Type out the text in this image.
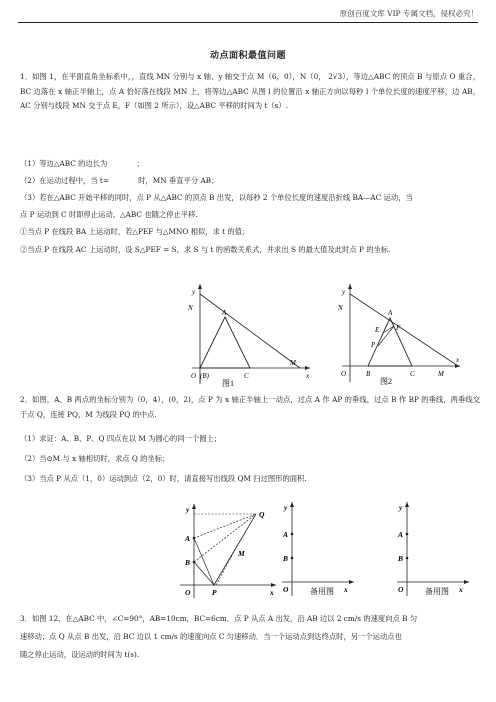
原创百度文库 VIP 专属文档，侵权必究！
动点面积最值问题
1．如图 1，在平面直角坐标系中，，直线 MN 分别与 x 轴、y 轴交于点 M（6，0），N（0， 2√3），等边△ABC 的顶点 B 与原点 O 重合，BC 边落在 x 轴正半轴上，点 A 恰好落在线段 MN 上，将等边△ABC 从图 l 的位置沿 x 轴正方向以每秒 l 个单位长度的速度平移，边 AB，AC 分别与线段 MN 交于点 E，F（如图 2 所示），设△ABC 平移的时间为 t（s）.
（1）等边△ABC 的边长为　　　　；
（2）在运动过程中，当 t=　　　　时，MN 垂直平分 AB；
（3）若在△ABC 开始平移的同时，点 P 从△ABC 的顶点 B 出发，以每秒 2 个单位长度的速度沿折线 BA—AC 运动，当
点 P 运动到 C 时即停止运动，△ABC 也随之停止平移.
①当点 P 在线段 BA 上运动时，若△PEF 与△MNO 相似，求 t 的值；
②当点 P 在线段 AC 上运动时，设 S△PEF = S，求 S 与 t 的函数关系式，并求出 S 的最大值及此时点 P 的坐标.
y
N
A
O (B)	C
M
x
图1
y
N
A
E F
P
O	B	C	M
x
图2
2．如图，A、B 两点的坐标分别为（0，4），(0，2)，点 P 为 x 轴正半轴上一动点，过点 A 作 AP 的垂线，过点 B 作 BP 的垂线，两垂线交于点 Q，连接 PQ，M 为线段 PQ 的中点.
（1）求证：A、B、P、Q 四点在以 M 为圆心的同一个圆上；
（2）当⊙M 与 x 轴相切时，求点 Q 的坐标；
（3）当点 P 从点（1，0）运动到点（2，0）时，请直接写出线段 QM 扫过图形的面积.
y
Q
A
B
M
O	P	x
y
A
B
O	x
备用图
y
A
B
O	x
备用图
3．如图 12，在△ABC 中，∠C=90°，AB=10cm，BC=6cm．点 P 从点 A 出发，沿 AB 边以 2 cm/s 的速度向点 B 匀
速移动；点 Q 从点 B 出发，沿 BC 边以 1 cm/s 的速度向点 C 匀速移动．当一个运动点到达终点时，另一个运动点也
随之停止运动，设运动的时间为 t(s).
